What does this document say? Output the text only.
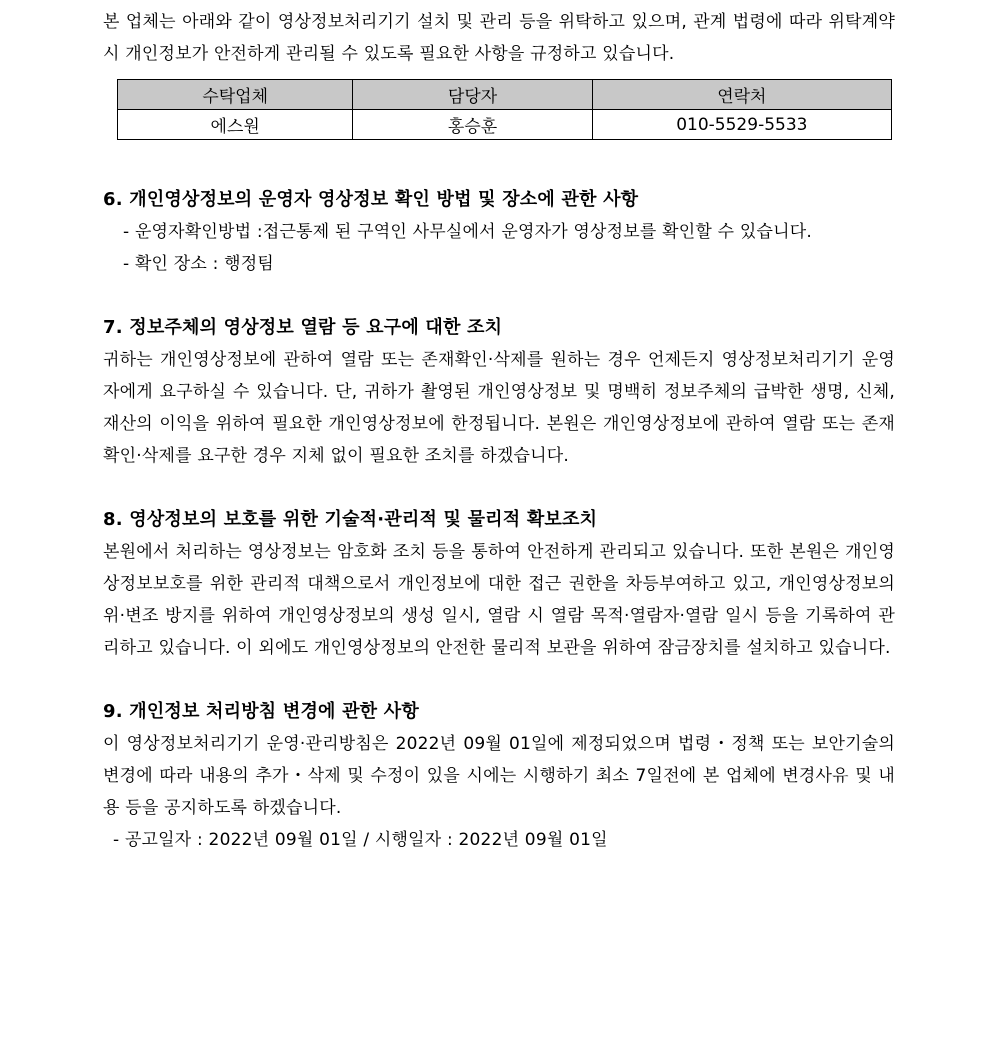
본 업체는 아래와 같이 영상정보처리기기 설치 및 관리 등을 위탁하고 있으며, 관계 법령에 따라 위탁계약 시 개인정보가 안전하게 관리될 수 있도록 필요한 사항을 규정하고 있습니다.

수탁업체	담당자	연락처
에스원	홍승훈	010-5529-5533
6. 개인영상정보의 운영자 영상정보 확인 방법 및 장소에 관한 사항
- 운영자확인방법 : 접근통제 된 구역인 사무실에서 운영자가 영상정보를 확인할 수 있습니다.

- 확인 장소 : 행정팀

7. 정보주체의 영상정보 열람 등 요구에 대한 조치

귀하는 개인영상정보에 관하여 열람 또는 존재확인·삭제를 원하는 경우 언제든지 영상정보처리기기 운영자에게 요구하실 수 있습니다. 단, 귀하가 촬영된 개인영상정보 및 명백히 정보주체의 급박한 생명, 신체, 재산의 이익을 위하여 필요한 개인영상정보에 한정됩니다. 본원은 개인영상정보에 관하여 열람 또는 존재확인·삭제를 요구한 경우 지체 없이 필요한 조치를 하겠습니다.

8. 영상정보의 보호를 위한 기술적·관리적 및 물리적 확보조치

본원에서 처리하는 영상정보는 암호화 조치 등을 통하여 안전하게 관리되고 있습니다. 또한 본원은 개인영상정보보호를 위한 관리적 대책으로서 개인정보에 대한 접근 권한을 차등부여하고 있고, 개인영상정보의 위·변조 방지를 위하여 개인영상정보의 생성 일시, 열람 시 열람 목적·열람자·열람 일시 등을 기록하여 관리하고 있습니다. 이 외에도 개인영상정보의 안전한 물리적 보관을 위하여 잠금장치를 설치하고 있습니다.

9. 개인정보 처리방침 변경에 관한 사항

이 영상정보처리기기 운영·관리방침은 2022년 09월 01일에 제정되었으며 법령・정책 또는 보안기술의 변경에 따라 내용의 추가・삭제 및 수정이 있을 시에는 시행하기 최소 7일전에 본 업체에 변경사유 및 내용 등을 공지하도록 하겠습니다.

- 공고일자 : 2022년 09월 01일 / 시행일자 : 2022년 09월 01일
